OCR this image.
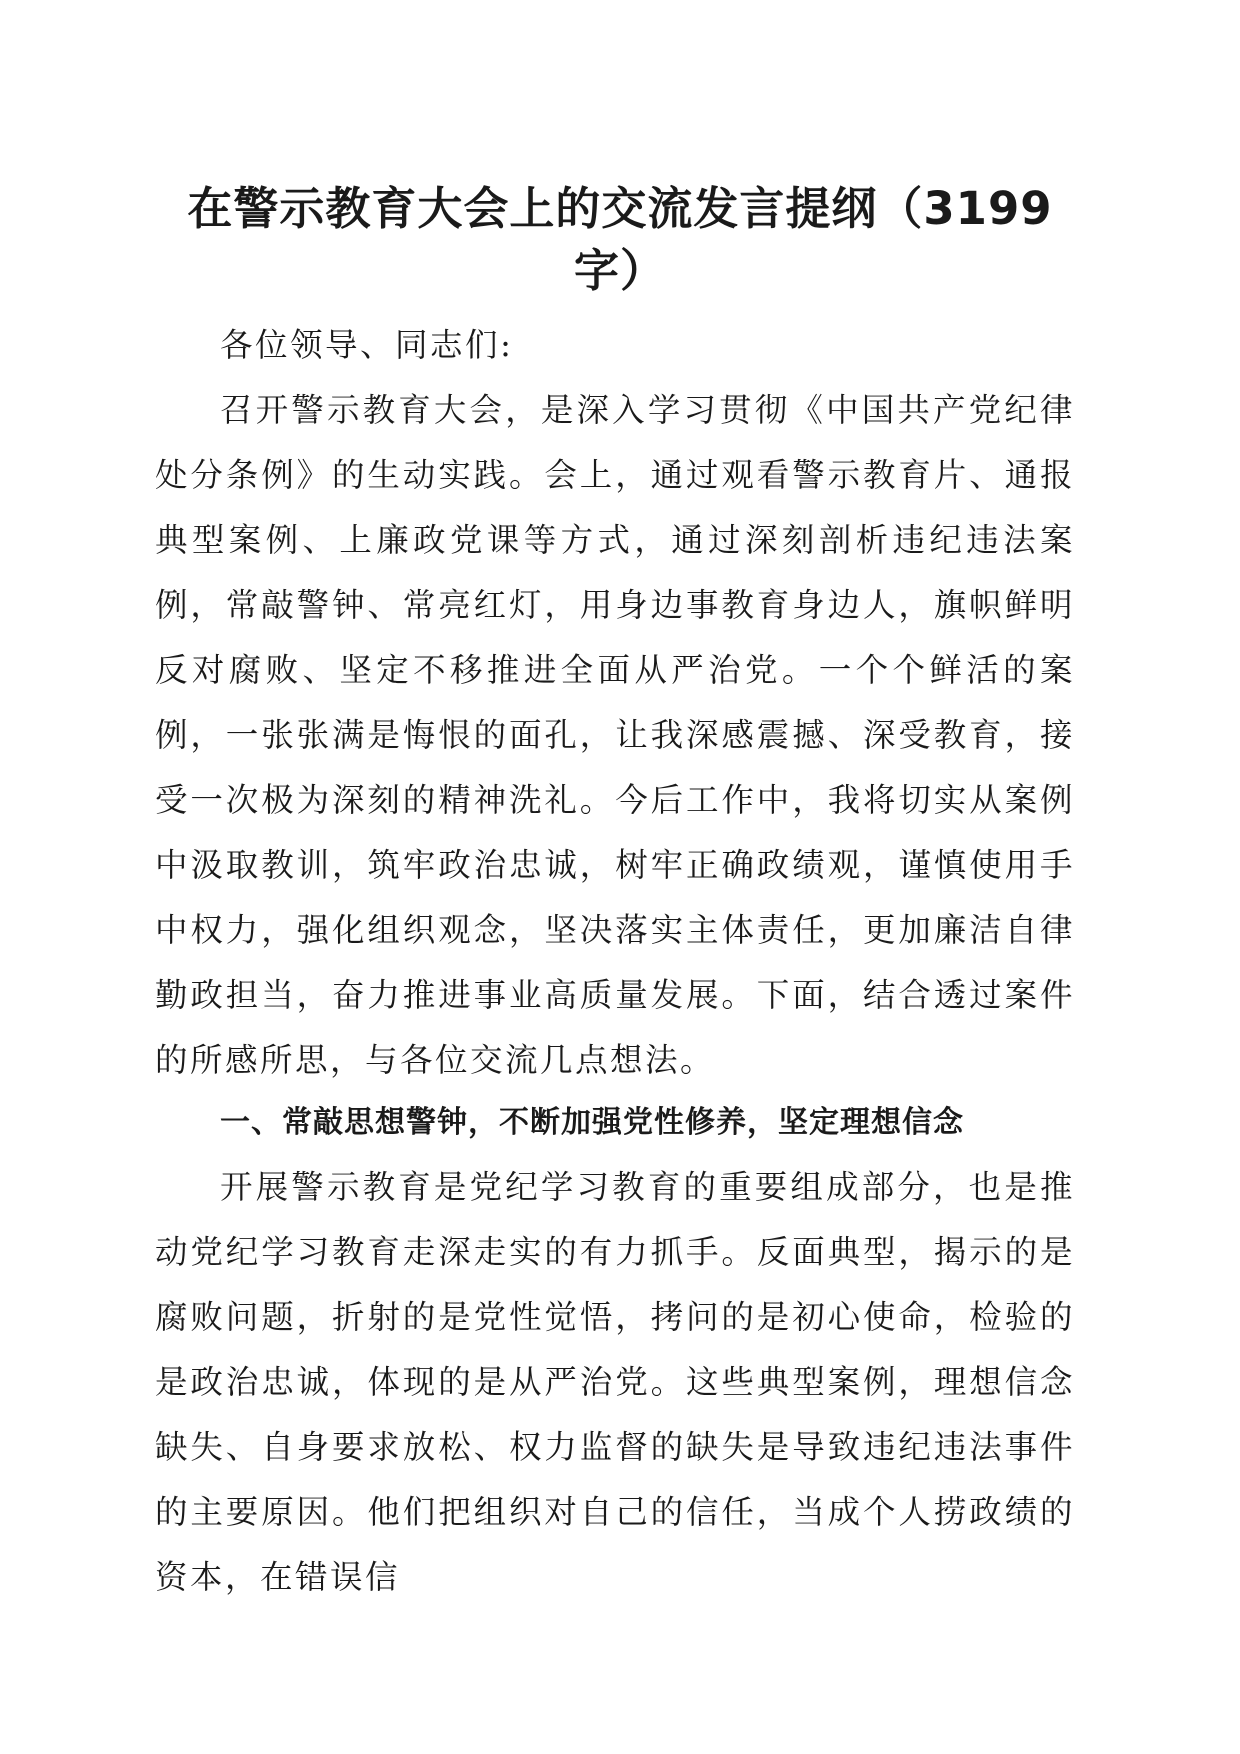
在警示教育大会上的交流发言提纲（3199
字）

各位领导、同志们:

召开警示教育大会，是深入学习贯彻《中国共产党纪律处分条例》的生动实践。会上，通过观看警示教育片、通报典型案例、上廉政党课等方式，通过深刻剖析违纪违法案例，常敲警钟、常亮红灯，用身边事教育身边人，旗帜鲜明反对腐败、坚定不移推进全面从严治党。一个个鲜活的案例，一张张满是悔恨的面孔，让我深感震撼、深受教育，接受一次极为深刻的精神洗礼。今后工作中，我将切实从案例中汲取教训，筑牢政治忠诚，树牢正确政绩观，谨慎使用手中权力，强化组织观念，坚决落实主体责任，更加廉洁自律勤政担当，奋力推进事业高质量发展。下面，结合透过案件的所感所思，与各位交流几点想法。

一、常敲思想警钟，不断加强党性修养，坚定理想信念

开展警示教育是党纪学习教育的重要组成部分，也是推动党纪学习教育走深走实的有力抓手。反面典型，揭示的是腐败问题，折射的是党性觉悟，拷问的是初心使命，检验的是政治忠诚，体现的是从严治党。这些典型案例，理想信念缺失、自身要求放松、权力监督的缺失是导致违纪违法事件的主要原因。他们把组织对自己的信任，当成个人捞政绩的资本，在错误信
